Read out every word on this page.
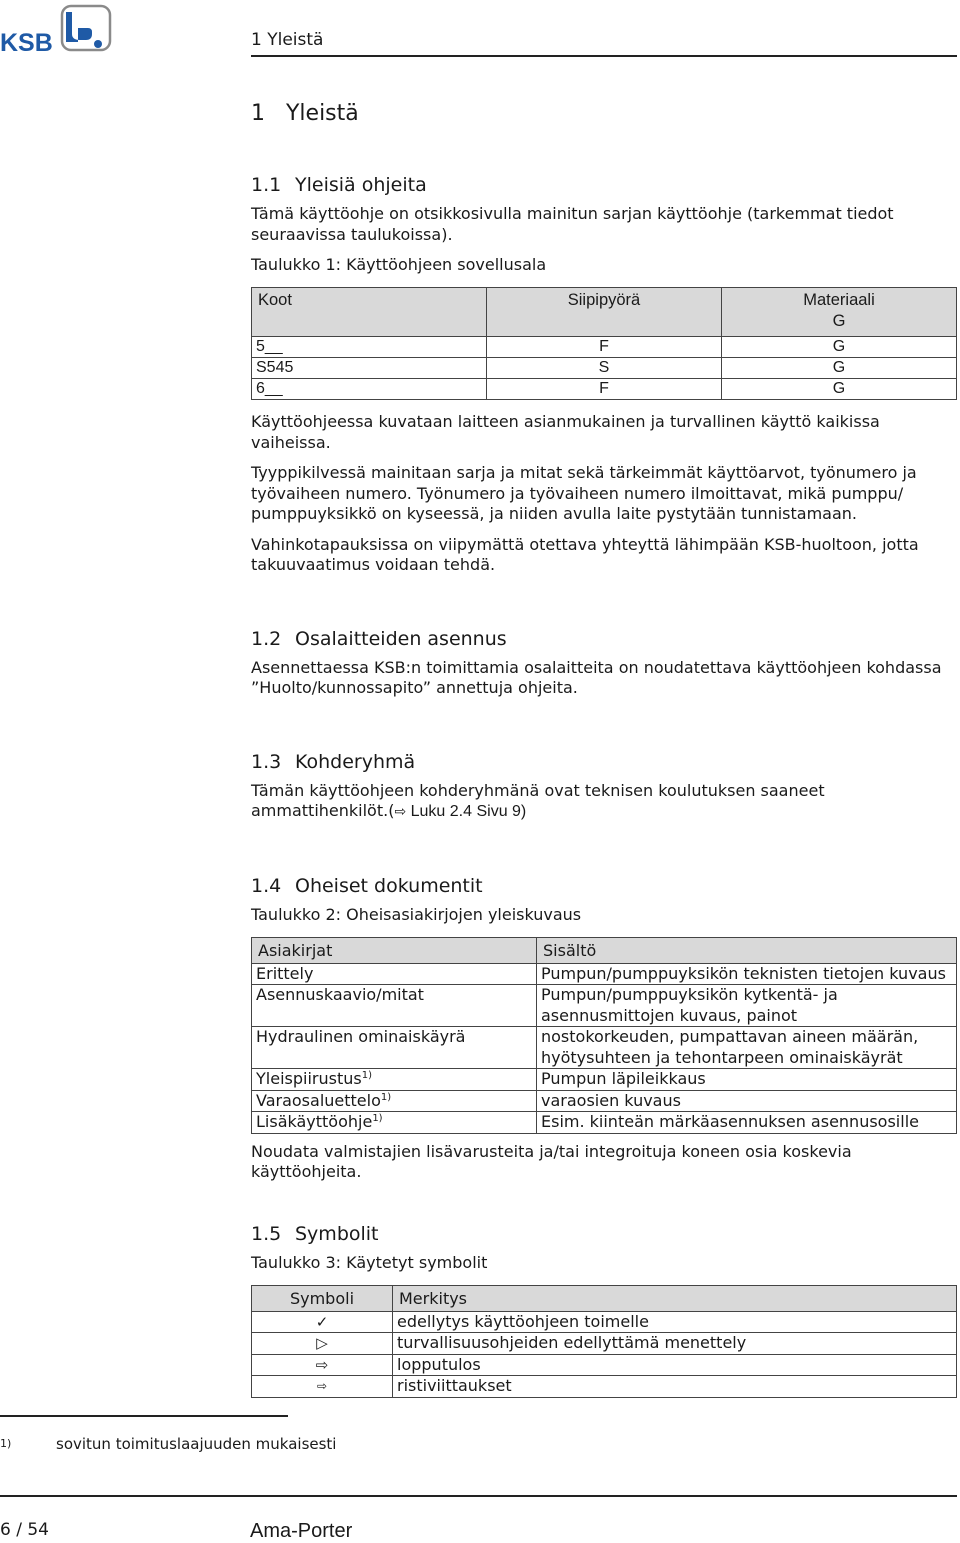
KSB	1 Yleistä
1 Yleistä
1.1 Yleisiä ohjeita

Tämä käyttöohje on otsikkosivulla mainitun sarjan käyttöohje (tarkemmat tiedot seuraavissa taulukoissa).

Taulukko 1: Käyttöohjeen sovellusala
Koot	Siipipyörä	Materiaali
G
5__	F	G
S545	S	G
6__	F	G

Käyttöohjeessa kuvataan laitteen asianmukainen ja turvallinen käyttö kaikissa vaiheissa.

Tyyppikilvessä mainitaan sarja ja mitat sekä tärkeimmät käyttöarvot, työnumero ja työvaiheen numero. Työnumero ja työvaiheen numero ilmoittavat, mikä pumppu/ pumppuyksikkö on kyseessä, ja niiden avulla laite pystytään tunnistamaan.

Vahinkotapauksissa on viipymättä otettava yhteyttä lähimpään KSB-huoltoon, jotta takuuvaatimus voidaan tehdä.

1.2 Osalaitteiden asennus

Asennettaessa KSB:n toimittamia osalaitteita on noudatettava käyttöohjeen kohdassa ”Huolto/kunnossapito” annettuja ohjeita.

1.3 Kohderyhmä

Tämän käyttöohjeen kohderyhmänä ovat teknisen koulutuksen saaneet ammattihenkilöt.(⇨ Luku 2.4 Sivu 9)

1.4 Oheiset dokumentit
Taulukko 2: Oheisasiakirjojen yleiskuvaus
Asiakirjat	Sisältö
Erittely	Pumpun/pumppuyksikön teknisten tietojen kuvaus
Asennuskaavio/mitat	Pumpun/pumppuyksikön kytkentä- ja asennusmittojen kuvaus, painot
Hydraulinen ominaiskäyrä	nostokorkeuden, pumpattavan aineen määrän, hyötysuhteen ja tehontarpeen ominaiskäyrät
Yleispiirustus$^{1)}$	Pumpun läpileikkaus
Varaosaluettelo$^{1)}$	varaosien kuvaus
Lisäkäyttöohje$^{1)}$	Esim. kiinteän märkäasennuksen asennusosille

Noudata valmistajien lisävarusteita ja/tai integroituja koneen osia koskevia käyttöohjeita.

1.5 Symbolit
Taulukko 3: Käytetyt symbolit
Symboli	Merkitys
✓	edellytys käyttöohjeen toimelle
▷	turvallisuusohjeiden edellyttämä menettely
⇨	lopputulos
⇨	ristiviittaukset
1)	sovitun toimituslaajuuden mukaisesti
6 / 54	Ama-Porter
